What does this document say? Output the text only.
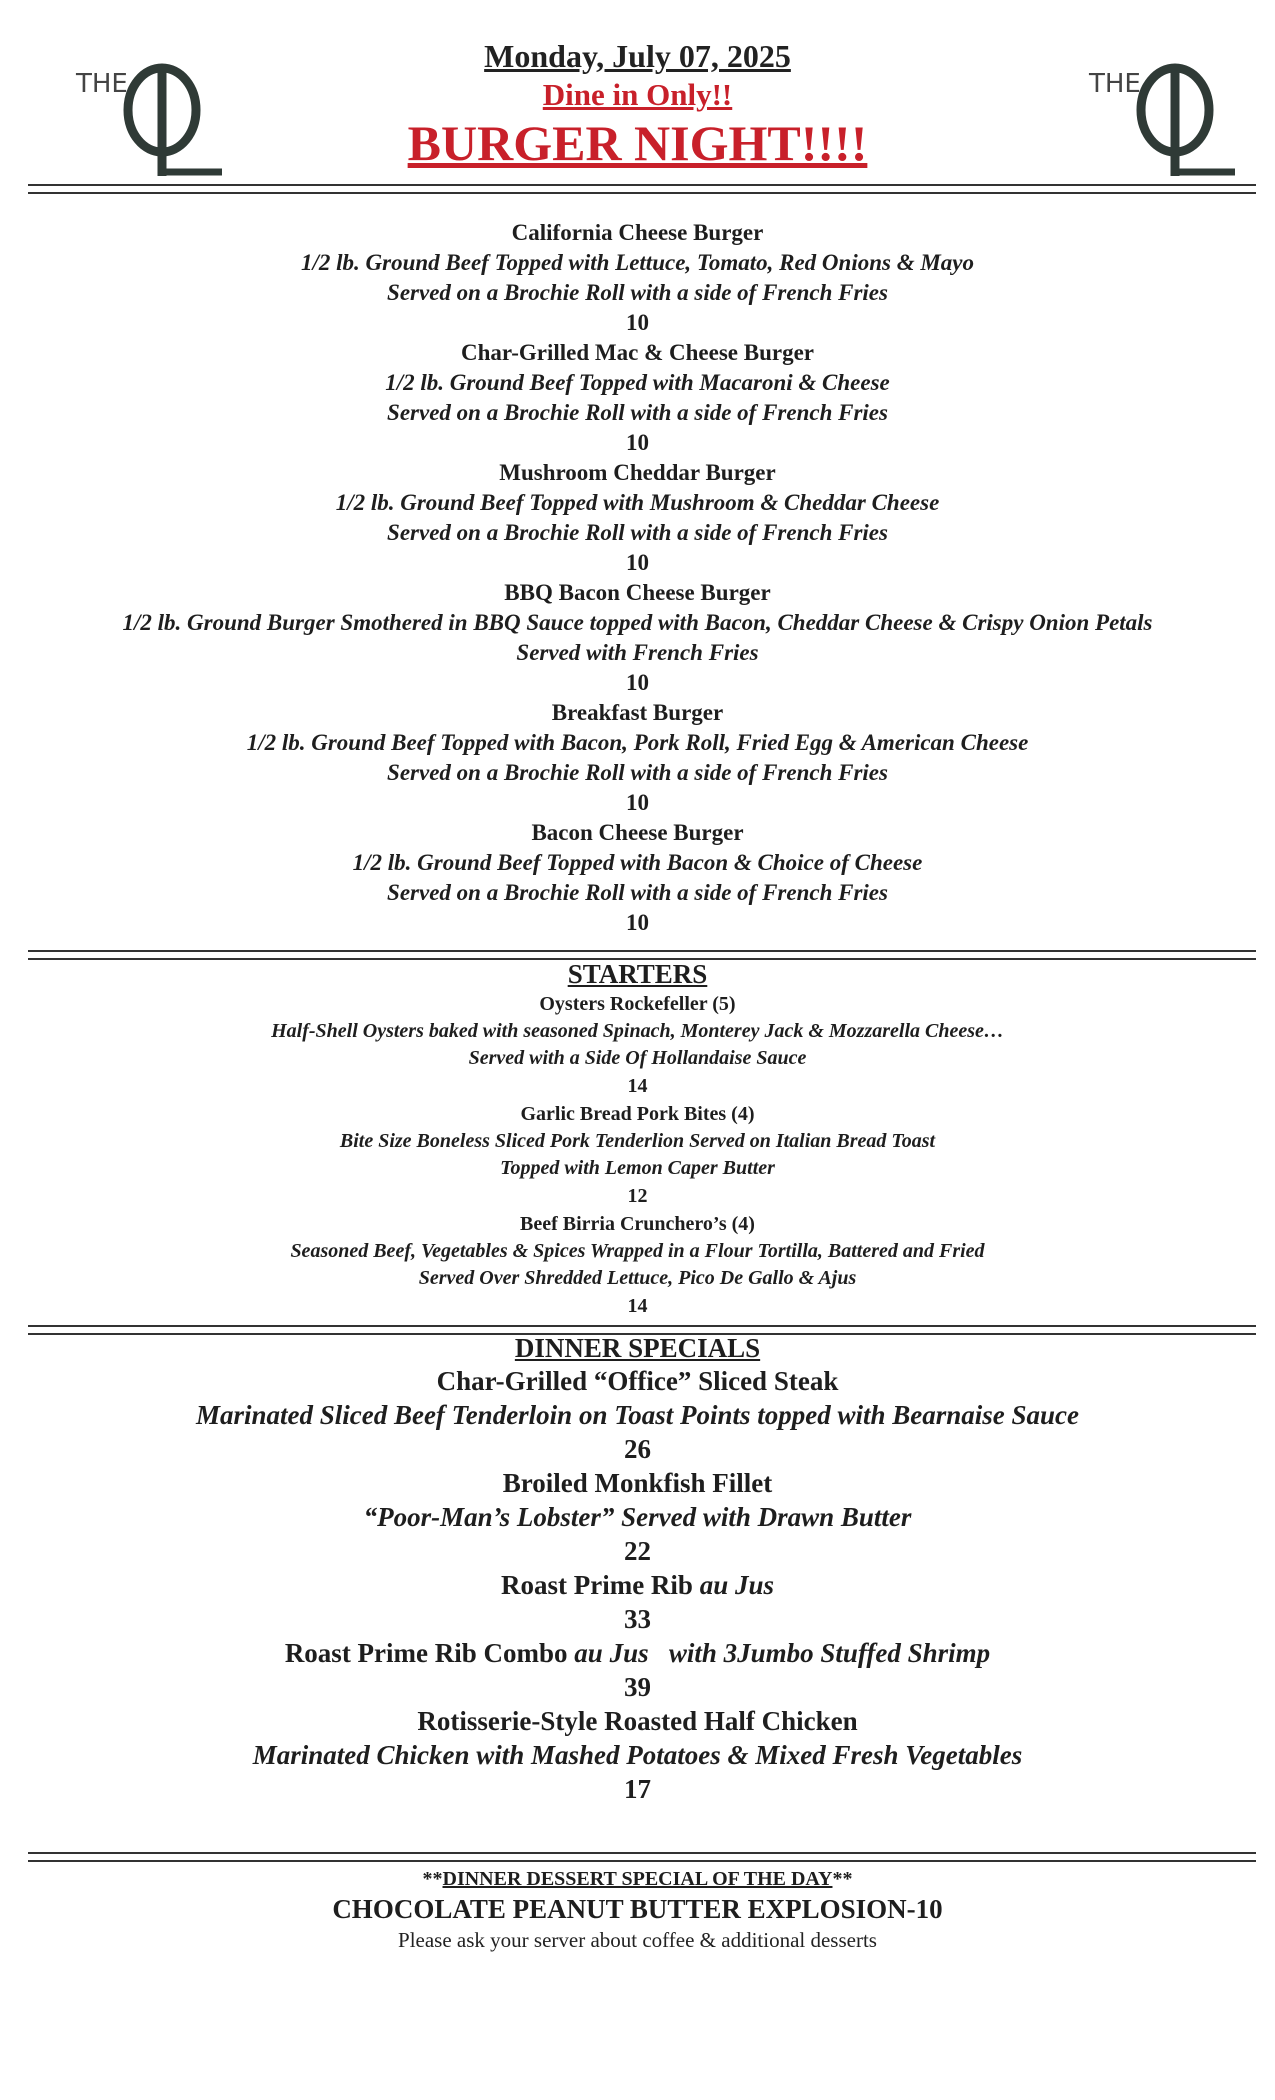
THE	THE
Monday, July 07, 2025
Dine in Only!!
BURGER NIGHT!!!!
California Cheese Burger
1/2 lb. Ground Beef Topped with Lettuce, Tomato, Red Onions & Mayo
Served on a Brochie Roll with a side of French Fries
10
Char-Grilled Mac & Cheese Burger
1/2 lb. Ground Beef Topped with Macaroni & Cheese
Served on a Brochie Roll with a side of French Fries
10
Mushroom Cheddar Burger
1/2 lb. Ground Beef Topped with Mushroom & Cheddar Cheese
Served on a Brochie Roll with a side of French Fries
10
BBQ Bacon Cheese Burger
1/2 lb. Ground Burger Smothered in BBQ Sauce topped with Bacon, Cheddar Cheese & Crispy Onion Petals
Served with French Fries
10
Breakfast Burger
1/2 lb. Ground Beef Topped with Bacon, Pork Roll, Fried Egg & American Cheese
Served on a Brochie Roll with a side of French Fries
10
Bacon Cheese Burger
1/2 lb. Ground Beef Topped with Bacon & Choice of Cheese
Served on a Brochie Roll with a side of French Fries
10
STARTERS
Oysters Rockefeller (5)
Half-Shell Oysters baked with seasoned Spinach, Monterey Jack & Mozzarella Cheese…
Served with a Side Of Hollandaise Sauce
14
Garlic Bread Pork Bites (4)
Bite Size Boneless Sliced Pork Tenderlion Served on Italian Bread Toast
Topped with Lemon Caper Butter
12
Beef Birria Crunchero’s (4)
Seasoned Beef, Vegetables & Spices Wrapped in a Flour Tortilla, Battered and Fried
Served Over Shredded Lettuce, Pico De Gallo & Ajus
14
DINNER SPECIALS
Char-Grilled “Office” Sliced Steak
Marinated Sliced Beef Tenderloin on Toast Points topped with Bearnaise Sauce
26
Broiled Monkfish Fillet
“Poor-Man’s Lobster” Served with Drawn Butter
22
Roast Prime Rib au Jus
33
Roast Prime Rib Combo au Jus   with 3Jumbo Stuffed Shrimp
39
Rotisserie-Style Roasted Half Chicken
Marinated Chicken with Mashed Potatoes & Mixed Fresh Vegetables
17
**DINNER DESSERT SPECIAL OF THE DAY**
CHOCOLATE PEANUT BUTTER EXPLOSION-10
Please ask your server about coffee & additional desserts
